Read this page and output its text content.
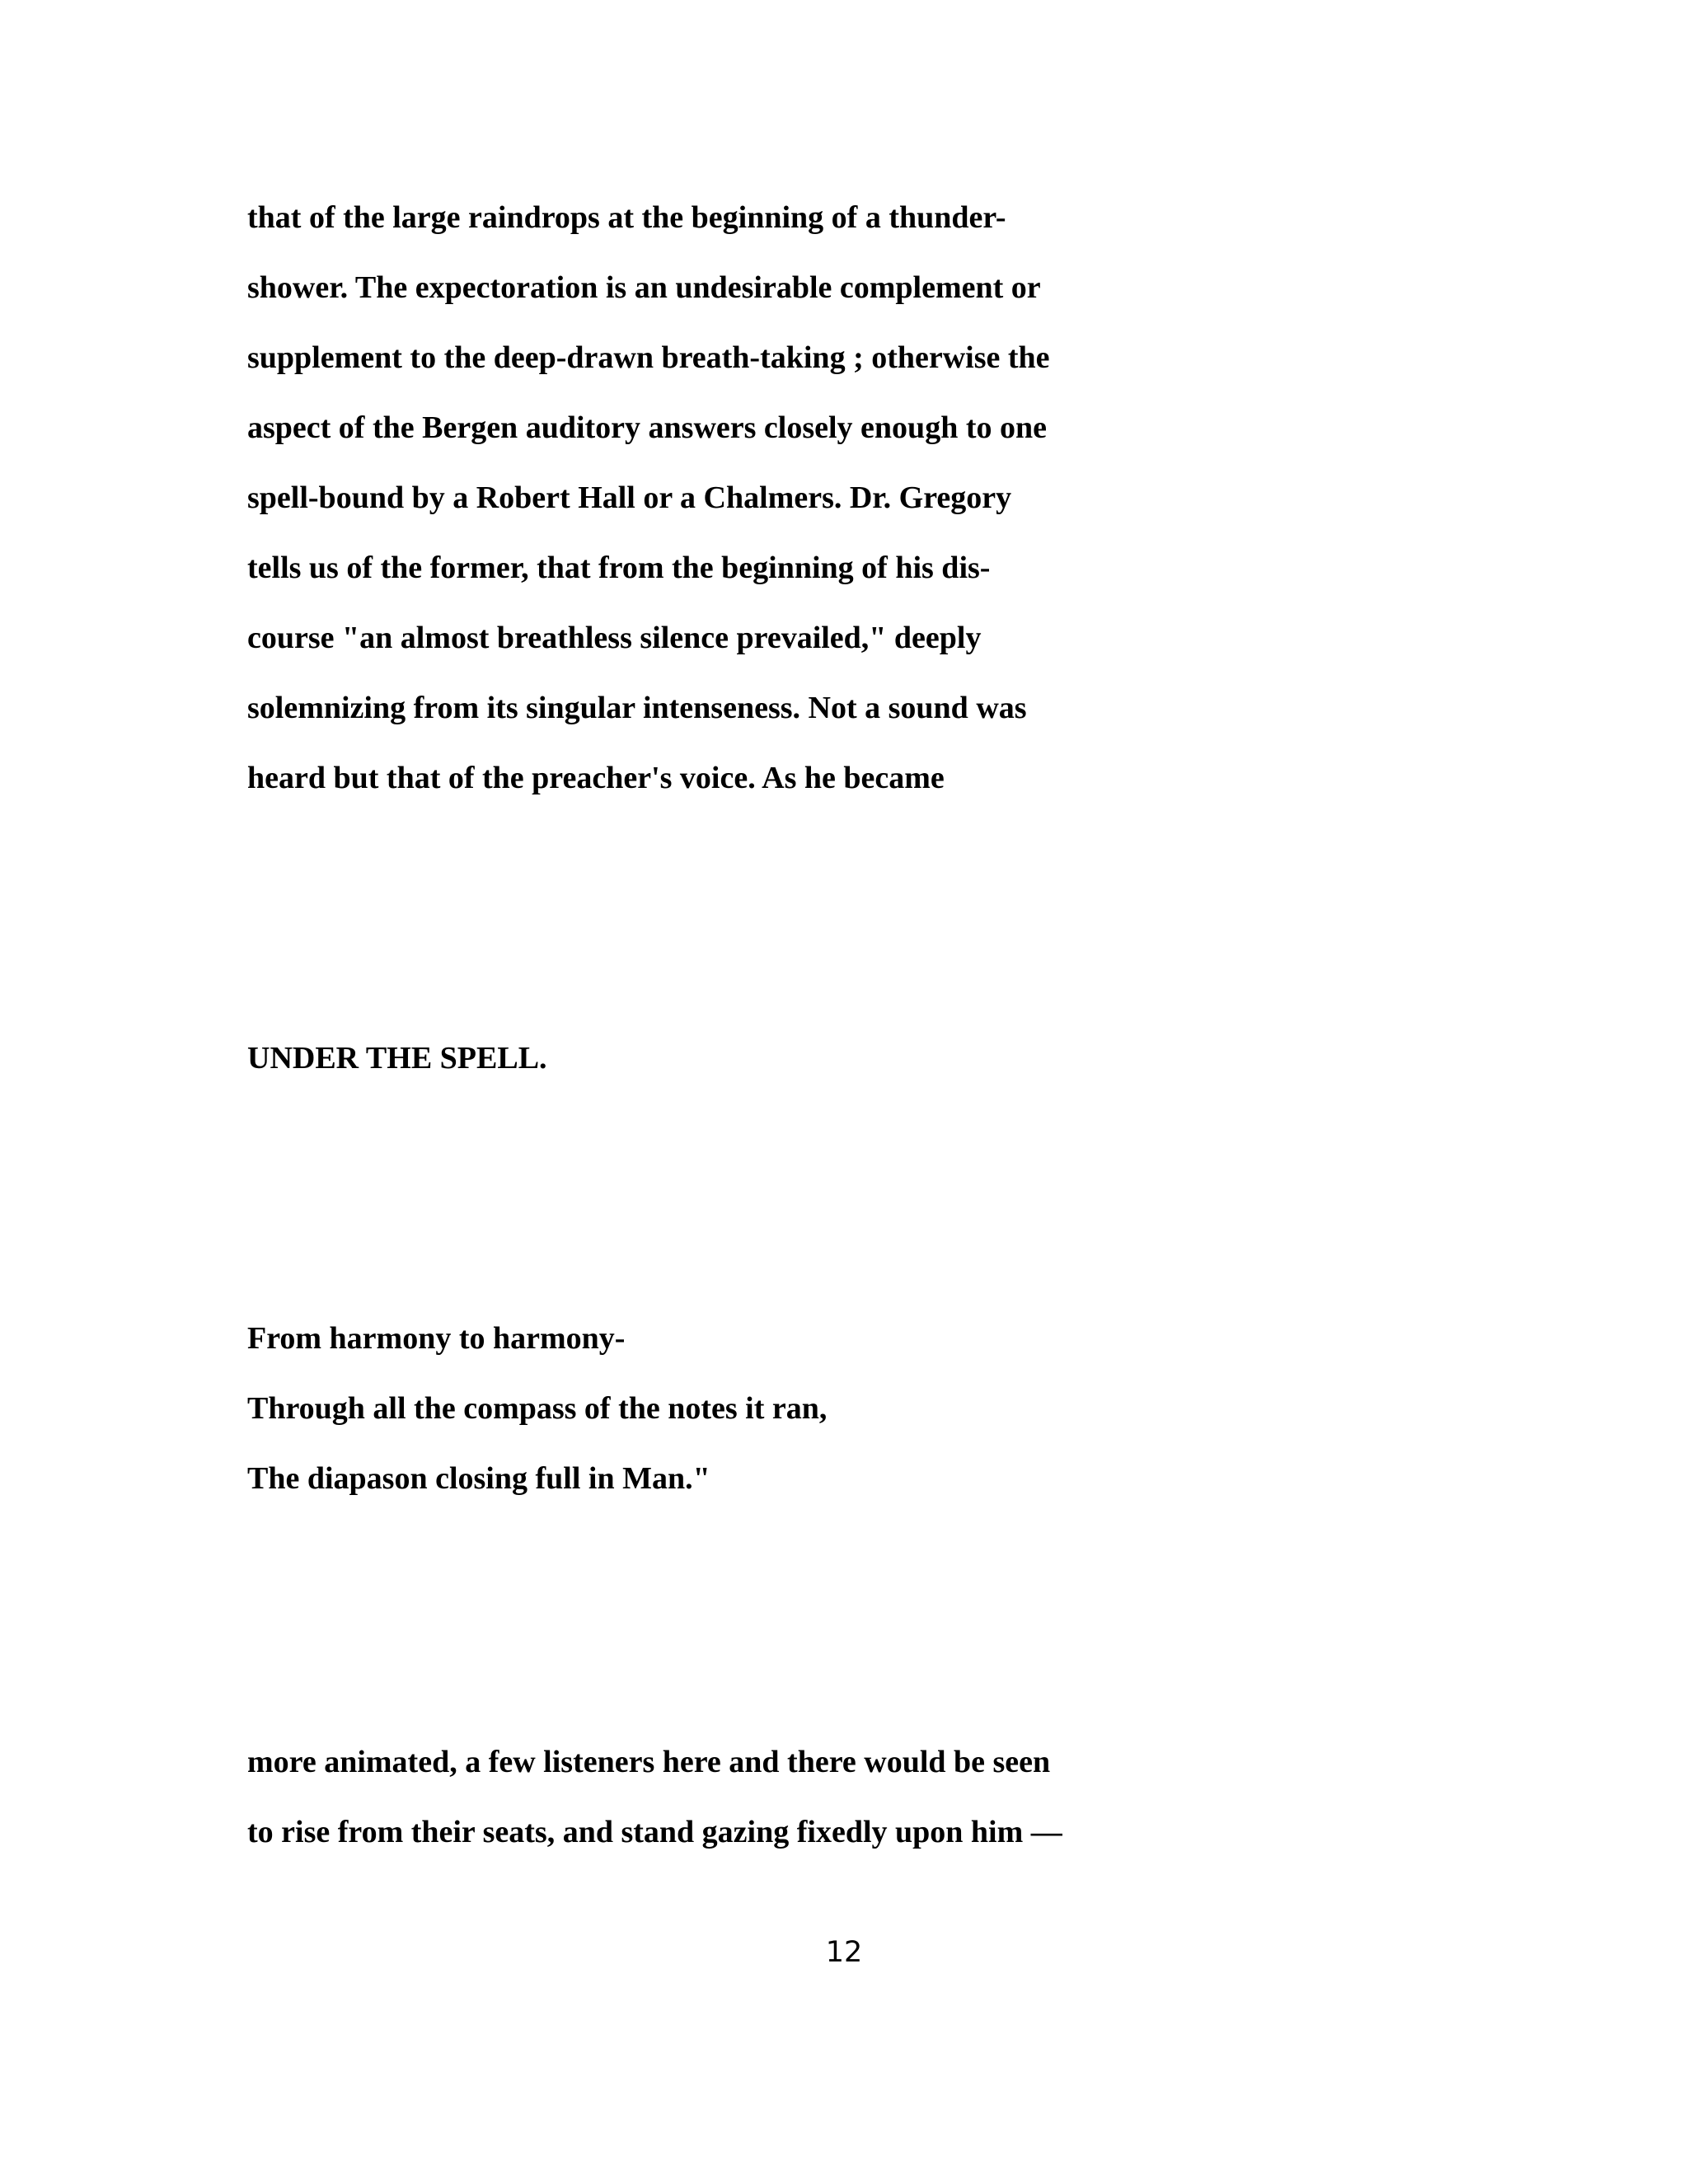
that of the large raindrops at the beginning of a thunder-
shower. The expectoration is an undesirable complement or
supplement to the deep-drawn breath-taking ; otherwise the
aspect of the Bergen auditory answers closely enough to one
spell-bound by a Robert Hall or a Chalmers. Dr. Gregory
tells us of the former, that from the beginning of his dis-
course "an almost breathless silence prevailed," deeply
solemnizing from its singular intenseness. Not a sound was
heard but that of the preacher's voice. As he became
UNDER THE SPELL.
From harmony to harmony-
Through all the compass of the notes it ran,
The diapason closing full in Man."
more animated, a few listeners here and there would be seen
to rise from their seats, and stand gazing fixedly upon him —
12
